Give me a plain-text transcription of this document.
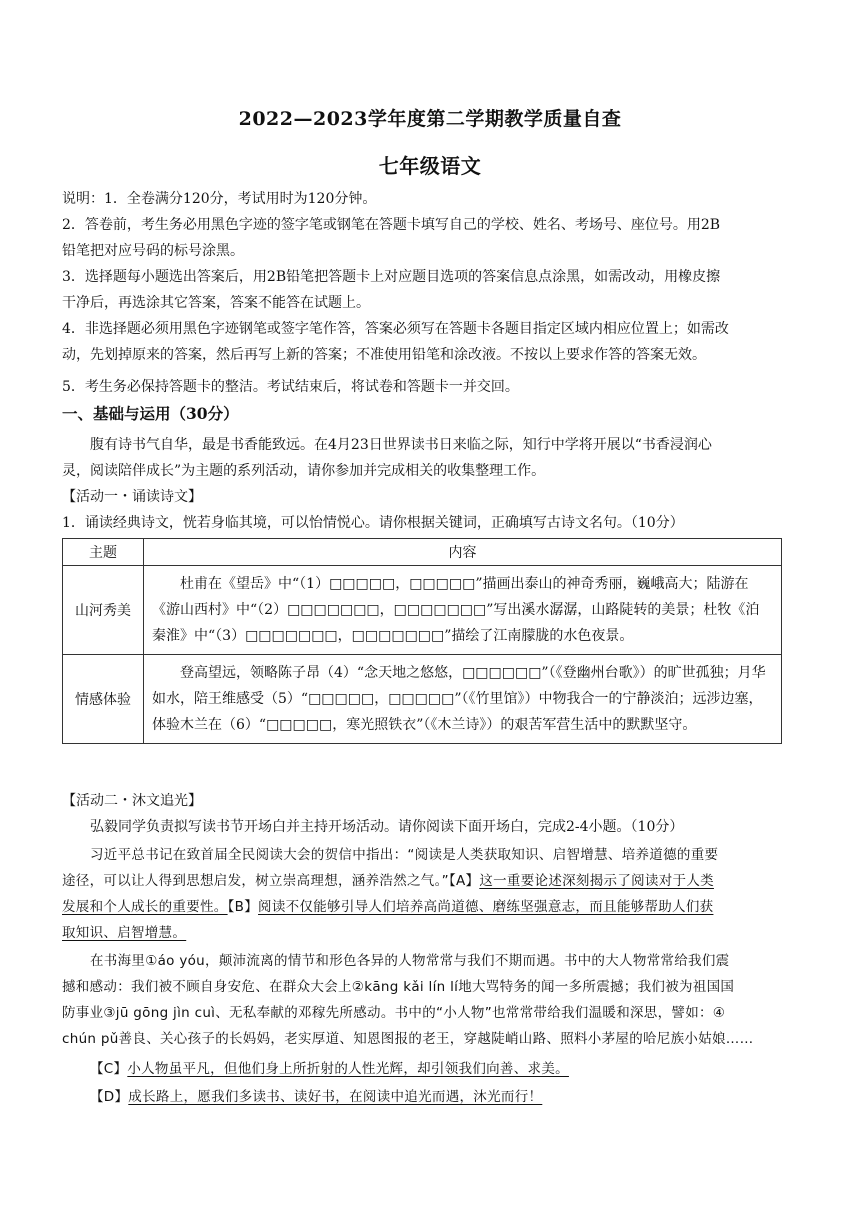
2022—2023学年度第二学期教学质量自查
七年级语文
说明：1．全卷满分120分，考试用时为120分钟。
2．答卷前，考生务必用黑色字迹的签字笔或钢笔在答题卡填写自己的学校、姓名、考场号、座位号。用2B
铅笔把对应号码的标号涂黑。
3．选择题每小题选出答案后，用2B铅笔把答题卡上对应题目选项的答案信息点涂黑，如需改动，用橡皮擦
干净后，再选涂其它答案，答案不能答在试题上。
4．非选择题必须用黑色字迹钢笔或签字笔作答，答案必须写在答题卡各题目指定区域内相应位置上；如需改
动，先划掉原来的答案，然后再写上新的答案；不准使用铅笔和涂改液。不按以上要求作答的答案无效。
5．考生务必保持答题卡的整洁。考试结束后，将试卷和答题卡一并交回。
一、基础与运用（30分）
腹有诗书气自华，最是书香能致远。在4月23日世界读书日来临之际，知行中学将开展以“书香浸润心
灵，阅读陪伴成长”为主题的系列活动，请你参加并完成相关的收集整理工作。
【活动一・诵读诗文】
1．诵读经典诗文，恍若身临其境，可以怡情悦心。请你根据关键词，正确填写古诗文名句。（10分）
主题	内容
山河秀美	杜甫在《望岳》中“（1）□□□□□，□□□□□”描画出泰山的神奇秀丽，巍峨高大；陆游在《游山西村》中“（2）□□□□□□□，□□□□□□□”写出溪水潺潺，山路陡转的美景；杜牧《泊秦淮》中“（3）□□□□□□□，□□□□□□□”描绘了江南朦胧的水色夜景。
情感体验	登高望远，领略陈子昂（4）“念天地之悠悠，□□□□□□”（《登幽州台歌》）的旷世孤独；月华如水，陪王维感受（5）“□□□□□，□□□□□”（《竹里馆》）中物我合一的宁静淡泊；远涉边塞，体验木兰在（6）“□□□□□，寒光照铁衣”（《木兰诗》）的艰苦军营生活中的默默坚守。
【活动二・沐文追光】
弘毅同学负责拟写读书节开场白并主持开场活动。请你阅读下面开场白，完成2-4小题。（10分）
习近平总书记在致首届全民阅读大会的贺信中指出：“阅读是人类获取知识、启智增慧、培养道德的重要
途径，可以让人得到思想启发，树立崇高理想，涵养浩然之气。”【A】这一重要论述深刻揭示了阅读对于人类
发展和个人成长的重要性。【B】阅读不仅能够引导人们培养高尚道德、磨练坚强意志，而且能够帮助人们获
取知识、启智增慧。
在书海里①áo yóu，颠沛流离的情节和形色各异的人物常常与我们不期而遇。书中的大人物常常给我们震
撼和感动：我们被不顾自身安危、在群众大会上②kāng kǎi lín lí地大骂特务的闻一多所震撼；我们被为祖国国
防事业③jū gōng jìn cuì、无私奉献的邓稼先所感动。书中的“小人物”也常常带给我们温暖和深思，譬如：④
chún pǔ善良、关心孩子的长妈妈，老实厚道、知恩图报的老王，穿越陡峭山路、照料小茅屋的哈尼族小姑娘……
【C】小人物虽平凡，但他们身上所折射的人性光辉，却引领我们向善、求美。
【D】成长路上，愿我们多读书、读好书，在阅读中追光而遇，沐光而行！
